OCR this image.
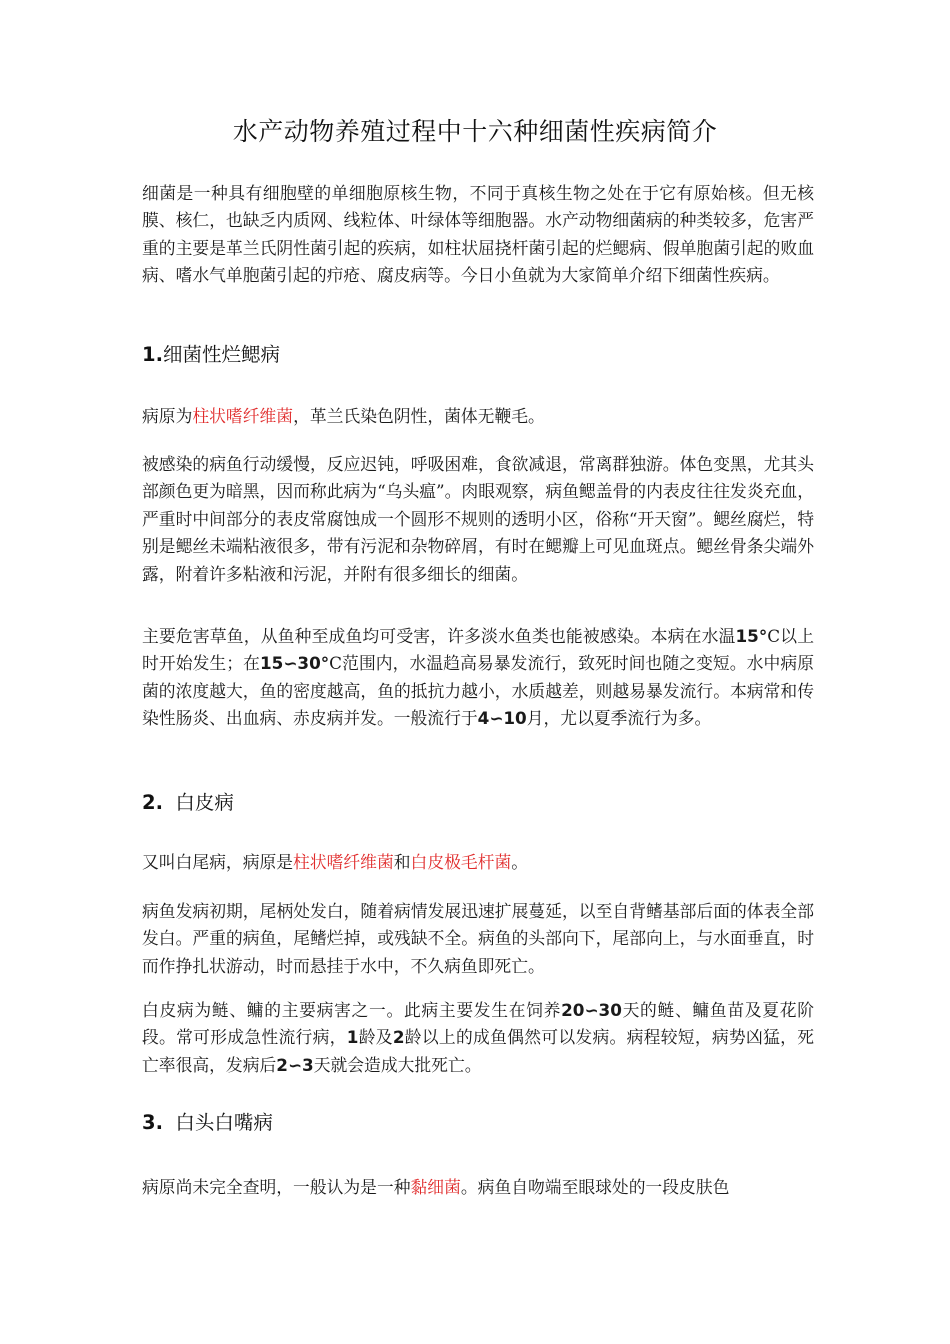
水产动物养殖过程中十六种细菌性疾病简介
细菌是一种具有细胞壁的单细胞原核生物，不同于真核生物之处在于它有原始核。但无核膜、核仁，也缺乏内质网、线粒体、叶绿体等细胞器。水产动物细菌病的种类较多，危害严重的主要是革兰氏阴性菌引起的疾病，如柱状屈挠杆菌引起的烂鳃病、假单胞菌引起的败血病、嗜水气单胞菌引起的疖疮、腐皮病等。今日小鱼就为大家简单介绍下细菌性疾病。
1.细菌性烂鳃病
病原为柱状嗜纤维菌，革兰氏染色阴性，菌体无鞭毛。
被感染的病鱼行动缓慢，反应迟钝，呼吸困难，食欲减退，常离群独游。体色变黑，尤其头部颜色更为暗黑，因而称此病为“乌头瘟”。肉眼观察，病鱼鳃盖骨的内表皮往往发炎充血，严重时中间部分的表皮常腐蚀成一个圆形不规则的透明小区，俗称“开天窗”。鳃丝腐烂，特别是鳃丝未端粘液很多，带有污泥和杂物碎屑，有时在鳃瓣上可见血斑点。鳃丝骨条尖端外露，附着许多粘液和污泥，并附有很多细长的细菌。
主要危害草鱼，从鱼种至成鱼均可受害，许多淡水鱼类也能被感染。本病在水温15°C以上时开始发生；在15∽30°C范围内，水温趋高易暴发流行，致死时间也随之变短。水中病原菌的浓度越大，鱼的密度越高，鱼的抵抗力越小，水质越差，则越易暴发流行。本病常和传染性肠炎、出血病、赤皮病并发。一般流行于4∽10月，尤以夏季流行为多。
2. 白皮病
又叫白尾病，病原是柱状嗜纤维菌和白皮极毛杆菌。
病鱼发病初期，尾柄处发白，随着病情发展迅速扩展蔓延，以至自背鳍基部后面的体表全部发白。严重的病鱼，尾鳍烂掉，或残缺不全。病鱼的头部向下，尾部向上，与水面垂直，时而作挣扎状游动，时而悬挂于水中，不久病鱼即死亡。
白皮病为鲢、鳙的主要病害之一。此病主要发生在饲养20∽30天的鲢、鳙鱼苗及夏花阶段。常可形成急性流行病，1龄及2龄以上的成鱼偶然可以发病。病程较短，病势凶猛，死亡率很高，发病后2∽3天就会造成大批死亡。
3. 白头白嘴病
病原尚未完全查明，一般认为是一种黏细菌。病鱼自吻端至眼球处的一段皮肤色
